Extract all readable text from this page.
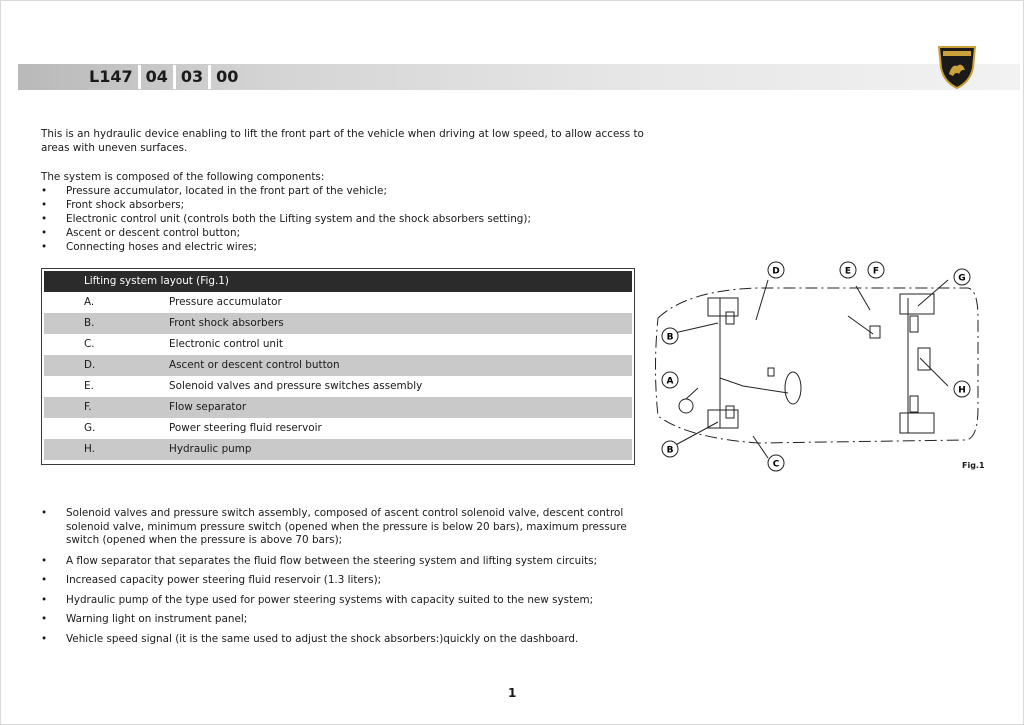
L147 04 03 00
This is an hydraulic device enabling to lift the front part of the vehicle when driving at low speed, to allow access to areas with uneven surfaces.
The system is composed of the following components:
• Pressure accumulator, located in the front part of the vehicle;
• Front shock absorbers;
• Electronic control unit (controls both the Lifting system and the shock absorbers setting);
• Ascent or descent control button;
• Connecting hoses and electric wires;
Lifting system layout (Fig.1)
A.	Pressure accumulator
B.	Front shock absorbers
C.	Electronic control unit
D.	Ascent or descent control button
E.	Solenoid valves and pressure switches assembly
F.	Flow separator
G.	Power steering fluid reservoir
H.	Hydraulic pump
D	E F
G
B
A
H
B
C	Fig.1
• Solenoid valves and pressure switch assembly, composed of ascent control solenoid valve, descent control solenoid valve, minimum pressure switch (opened when the pressure is below 20 bars), maximum pressure switch (opened when the pressure is above 70 bars);
• A flow separator that separates the fluid flow between the steering system and lifting system circuits;
• Increased capacity power steering fluid reservoir (1.3 liters);
• Hydraulic pump of the type used for power steering systems with capacity suited to the new system;
• Warning light on instrument panel;
• Vehicle speed signal (it is the same used to adjust the shock absorbers:)quickly on the dashboard.
1
